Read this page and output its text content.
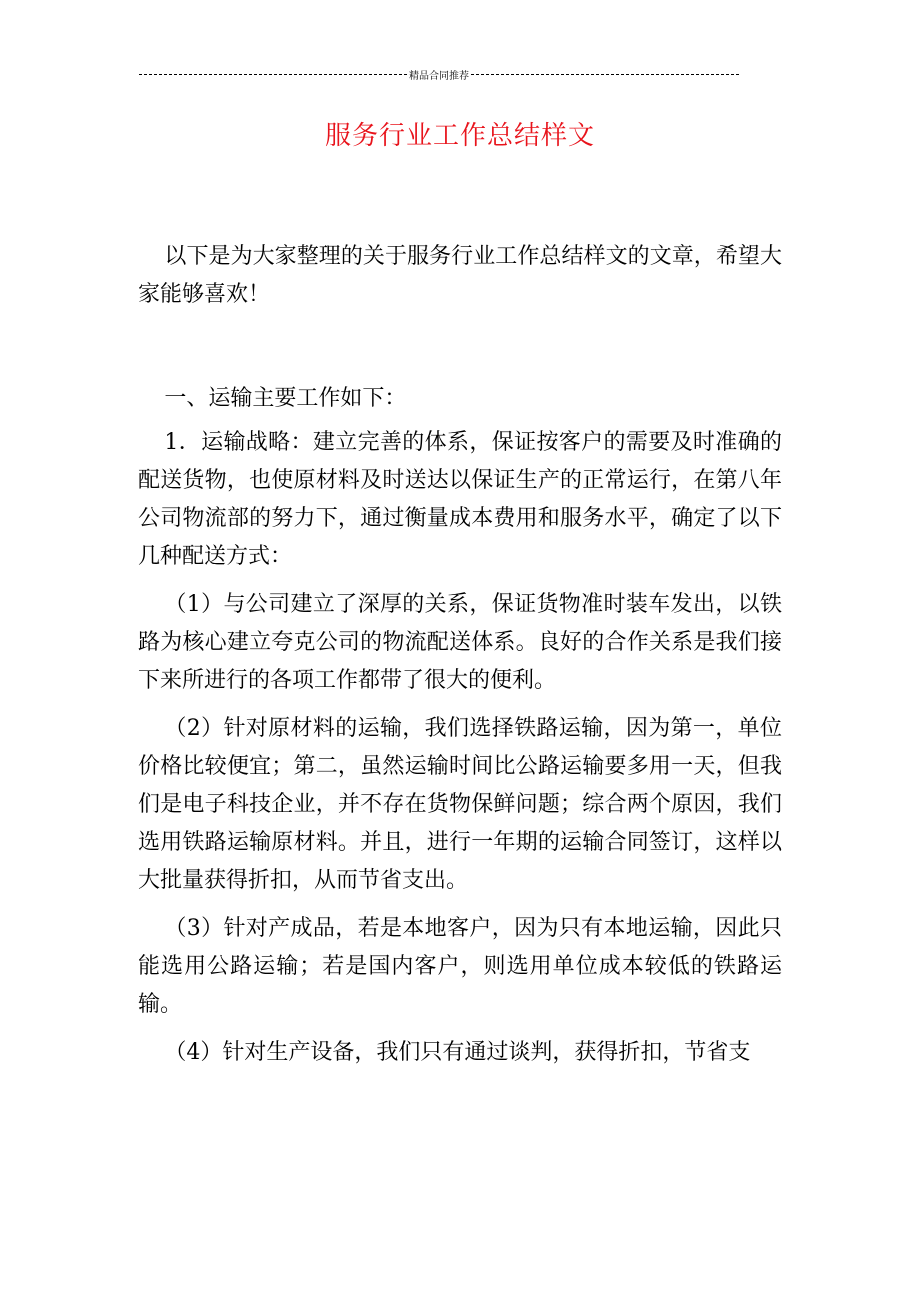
精品合同推荐
服务行业工作总结样文

以下是为大家整理的关于服务行业工作总结样文的文章，希望大家能够喜欢！

一、运输主要工作如下：

1．运输战略：建立完善的体系，保证按客户的需要及时准确的配送货物，也使原材料及时送达以保证生产的正常运行，在第八年公司物流部的努力下，通过衡量成本费用和服务水平，确定了以下几种配送方式：

（1）与公司建立了深厚的关系，保证货物准时装车发出，以铁路为核心建立夸克公司的物流配送体系。良好的合作关系是我们接下来所进行的各项工作都带了很大的便利。

（2）针对原材料的运输，我们选择铁路运输，因为第一，单位价格比较便宜；第二，虽然运输时间比公路运输要多用一天，但我们是电子科技企业，并不存在货物保鲜问题；综合两个原因，我们选用铁路运输原材料。并且，进行一年期的运输合同签订，这样以大批量获得折扣，从而节省支出。

（3）针对产成品，若是本地客户，因为只有本地运输，因此只能选用公路运输；若是国内客户，则选用单位成本较低的铁路运输。

（4）针对生产设备，我们只有通过谈判，获得折扣，节省支
